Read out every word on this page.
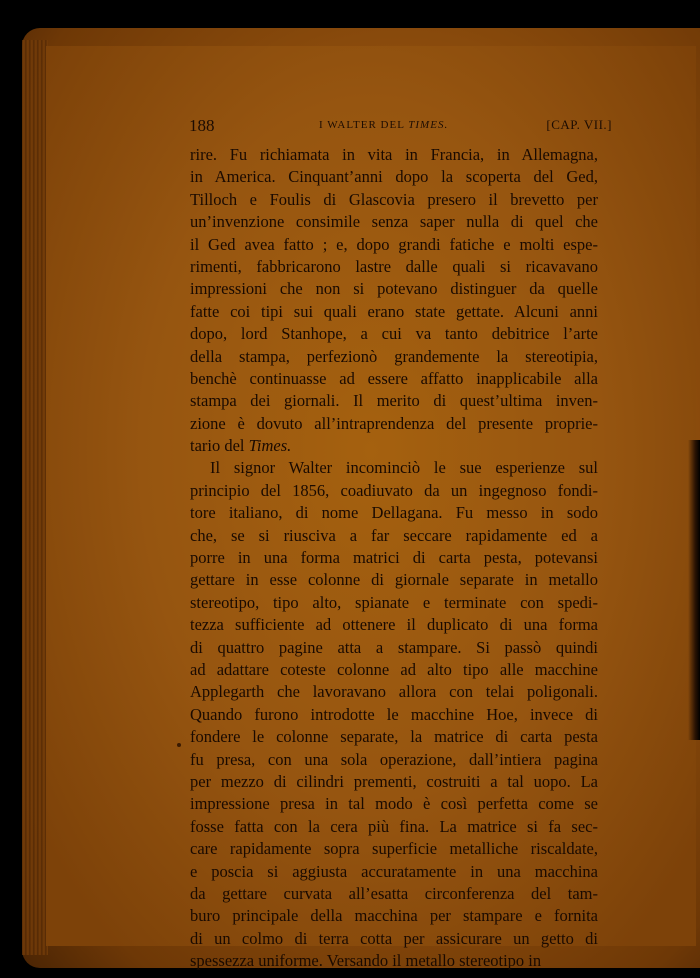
188	I WALTER DEL TIMES.	[CAP. VII.]
rire. Fu richiamata in vita in Francia, in Allemagna,
in America. Cinquant’anni dopo la scoperta del Ged,
Tilloch e Foulis di Glascovia presero il brevetto per
un’invenzione consimile senza saper nulla di quel che
il Ged avea fatto ; e, dopo grandi fatiche e molti espe-
rimenti, fabbricarono lastre dalle quali si ricavavano
impressioni che non si potevano distinguer da quelle
fatte coi tipi sui quali erano state gettate. Alcuni anni
dopo, lord Stanhope, a cui va tanto debitrice l’arte
della stampa, perfezionò grandemente la stereotipia,
benchè continuasse ad essere affatto inapplicabile alla
stampa dei giornali. Il merito di quest’ultima inven-
zione è dovuto all’intraprendenza del presente proprie-
tario del Times.
Il signor Walter incominciò le sue esperienze sul
principio del 1856, coadiuvato da un ingegnoso fondi-
tore italiano, di nome Dellagana. Fu messo in sodo
che, se si riusciva a far seccare rapidamente ed a
porre in una forma matrici di carta pesta, potevansi
gettare in esse colonne di giornale separate in metallo
stereotipo, tipo alto, spianate e terminate con spedi-
tezza sufficiente ad ottenere il duplicato di una forma
di quattro pagine atta a stampare. Si passò quindi
ad adattare coteste colonne ad alto tipo alle macchine
Applegarth che lavoravano allora con telai poligonali.
Quando furono introdotte le macchine Hoe, invece di
fondere le colonne separate, la matrice di carta pesta
fu presa, con una sola operazione, dall’intiera pagina
per mezzo di cilindri prementi, costruiti a tal uopo. La
impressione presa in tal modo è così perfetta come se
fosse fatta con la cera più fina. La matrice si fa sec-
care rapidamente sopra superficie metalliche riscaldate,
e poscia si aggiusta accuratamente in una macchina
da gettare curvata all’esatta circonferenza del tam-
buro principale della macchina per stampare e fornita
di un colmo di terra cotta per assicurare un getto di
spessezza uniforme. Versando il metallo stereotipo in
